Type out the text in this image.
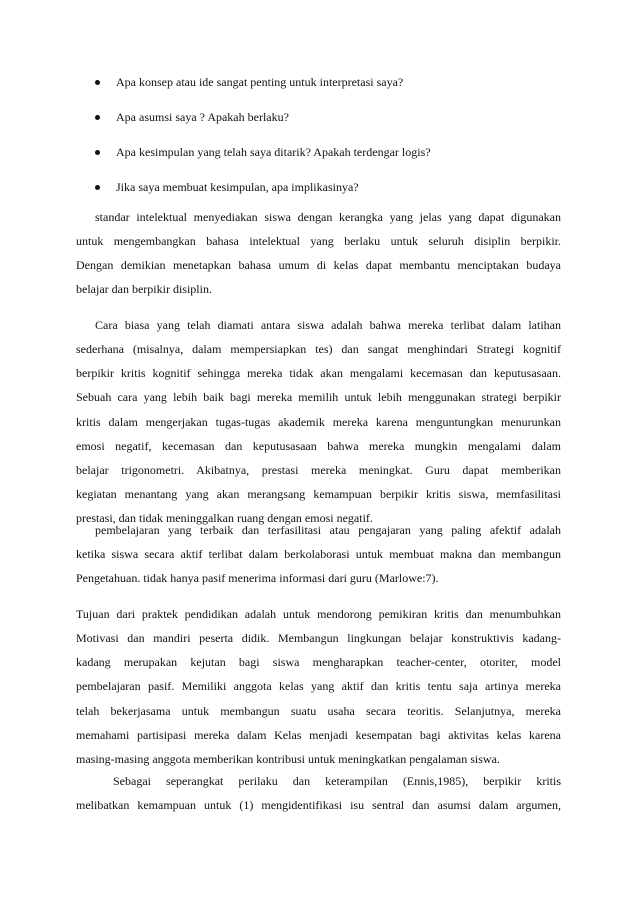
Apa konsep atau ide sangat penting untuk interpretasi saya?
Apa asumsi saya ? Apakah berlaku?
Apa kesimpulan yang telah saya ditarik? Apakah terdengar logis?
Jika saya membuat kesimpulan, apa implikasinya?
standar intelektual menyediakan siswa dengan kerangka yang jelas yang dapat digunakan
untuk mengembangkan bahasa intelektual yang berlaku untuk seluruh disiplin berpikir.
Dengan demikian menetapkan bahasa umum di kelas dapat membantu menciptakan budaya
belajar dan berpikir disiplin.
Cara biasa yang telah diamati antara siswa adalah bahwa mereka terlibat dalam latihan
sederhana (misalnya, dalam mempersiapkan tes) dan sangat menghindari Strategi kognitif
berpikir kritis kognitif sehingga mereka tidak akan mengalami kecemasan dan keputusasaan.
Sebuah cara yang lebih baik bagi mereka memilih untuk lebih menggunakan strategi berpikir
kritis dalam mengerjakan tugas-tugas akademik mereka karena menguntungkan menurunkan
emosi negatif, kecemasan dan keputusasaan bahwa mereka mungkin mengalami dalam
belajar trigonometri. Akibatnya, prestasi mereka meningkat. Guru dapat memberikan
kegiatan menantang yang akan merangsang kemampuan berpikir kritis siswa, memfasilitasi
prestasi, dan tidak meninggalkan ruang dengan emosi negatif.
pembelajaran yang terbaik dan terfasilitasi atau pengajaran yang paling afektif adalah
ketika siswa secara aktif terlibat dalam berkolaborasi untuk membuat makna dan membangun
Pengetahuan. tidak hanya pasif menerima informasi dari guru (Marlowe:7).
Tujuan dari praktek pendidikan adalah untuk mendorong pemikiran kritis dan menumbuhkan
Motivasi dan mandiri peserta didik. Membangun lingkungan belajar konstruktivis kadang-
kadang merupakan kejutan bagi siswa mengharapkan teacher-center, otoriter, model
pembelajaran pasif. Memiliki anggota kelas yang aktif dan kritis tentu saja artinya mereka
telah bekerjasama untuk membangun suatu usaha secara teoritis. Selanjutnya, mereka
memahami partisipasi mereka dalam Kelas menjadi kesempatan bagi aktivitas kelas karena
masing-masing anggota memberikan kontribusi untuk meningkatkan pengalaman siswa.
Sebagai seperangkat perilaku dan keterampilan (Ennis,1985), berpikir kritis
melibatkan kemampuan untuk (1) mengidentifikasi isu sentral dan asumsi dalam argumen,
